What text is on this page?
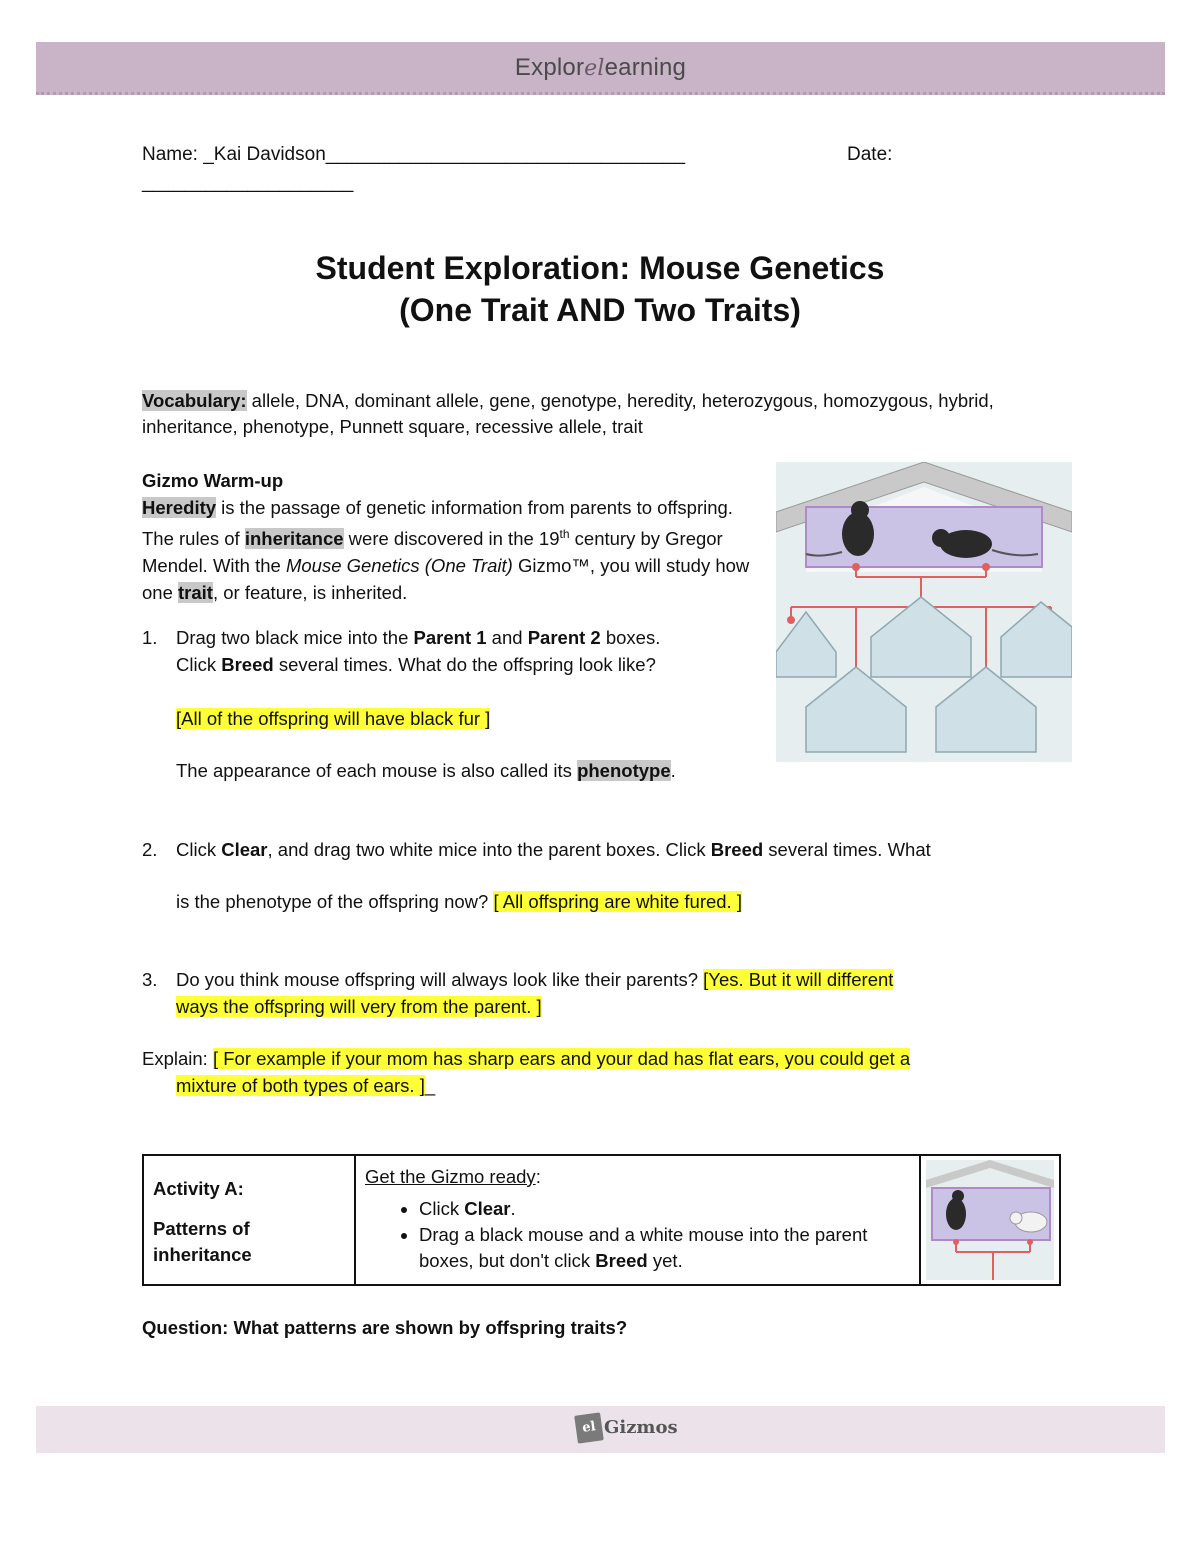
Explorelearning
Name: _Kai Davidson__________________________________	Date:
____________________
Student Exploration: Mouse Genetics
(One Trait AND Two Traits)
Vocabulary: allele, DNA, dominant allele, gene, genotype, heredity, heterozygous, homozygous, hybrid, inheritance, phenotype, Punnett square, recessive allele, trait
Gizmo Warm-up
Heredity is the passage of genetic information from parents to offspring. The rules of inheritance were discovered in the 19th century by Gregor Mendel. With the Mouse Genetics (One Trait) Gizmo™, you will study how one trait, or feature, is inherited.
1. Drag two black mice into the Parent 1 and Parent 2 boxes.
Click Breed several times. What do the offspring look like?
[All of the offspring will have black fur ]
The appearance of each mouse is also called its phenotype.
2. Click Clear, and drag two white mice into the parent boxes. Click Breed several times. What
is the phenotype of the offspring now? [ All offspring are white fured. ]
3. Do you think mouse offspring will always look like their parents? [Yes. But it will different
ways the offspring will very from the parent. ]
Explain: [ For example if your mom has sharp ears and your dad has flat ears, you could get a
mixture of both types of ears. ]_
Activity A:
Patterns of
inheritance

Get the Gizmo ready:
• Click Clear.
• Drag a black mouse and a white mouse into the parent boxes, but don't click Breed yet.

Question: What patterns are shown by offspring traits?
el Gizmos
